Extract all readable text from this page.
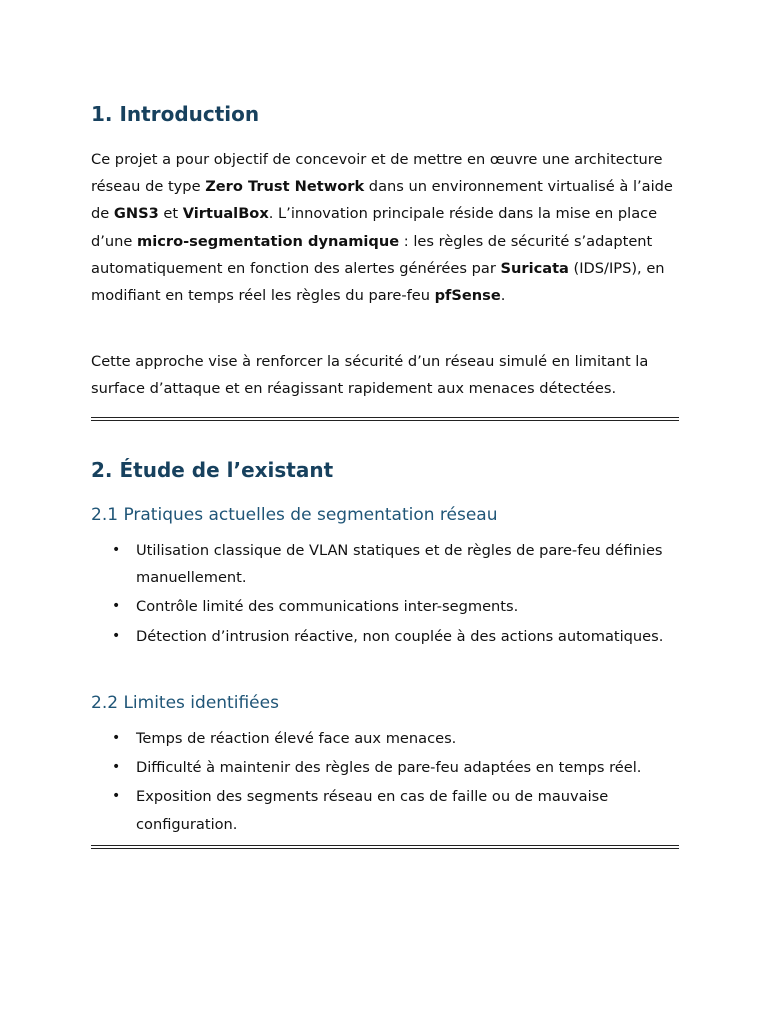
1. Introduction

Ce projet a pour objectif de concevoir et de mettre en œuvre une architecture réseau de type Zero Trust Network dans un environnement virtualisé à l’aide de GNS3 et VirtualBox. L’innovation principale réside dans la mise en place d’une micro-segmentation dynamique : les règles de sécurité s’adaptent automatiquement en fonction des alertes générées par Suricata (IDS/IPS), en modifiant en temps réel les règles du pare-feu pfSense.

Cette approche vise à renforcer la sécurité d’un réseau simulé en limitant la surface d’attaque et en réagissant rapidement aux menaces détectées.

2. Étude de l’existant
2.1 Pratiques actuelles de segmentation réseau
• Utilisation classique de VLAN statiques et de règles de pare-feu définies manuellement.
• Contrôle limité des communications inter-segments.
• Détection d’intrusion réactive, non couplée à des actions automatiques.
2.2 Limites identifiées
• Temps de réaction élevé face aux menaces.
• Difficulté à maintenir des règles de pare-feu adaptées en temps réel.
• Exposition des segments réseau en cas de faille ou de mauvaise configuration.
